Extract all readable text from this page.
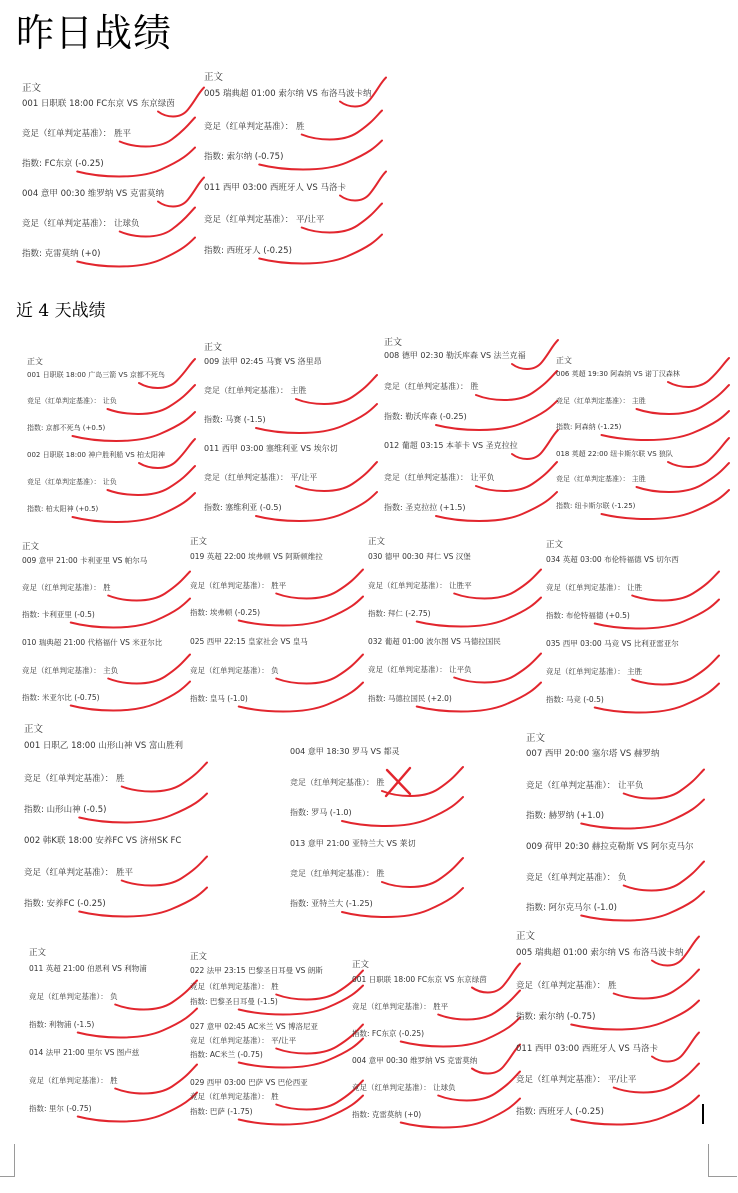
昨日战绩
近 4 天战绩
正文
001 日职联 18:00 FC东京 VS 东京绿茵
竞足（红单判定基准）： 胜平
指数: FC东京 (-0.25)
004 意甲 00:30 维罗纳 VS 克雷莫纳
竞足（红单判定基准）： 让球负
指数: 克雷莫纳 (+0)
正文
005 瑞典超 01:00 索尔纳 VS 布洛马波卡纳
竞足（红单判定基准）： 胜
指数: 索尔纳 (-0.75)
011 西甲 03:00 西班牙人 VS 马洛卡
竞足（红单判定基准）： 平/让平
指数: 西班牙人 (-0.25)
正文
001 日职联 18:00 广岛三箭 VS 京都不死鸟
竞足（红单判定基准）： 让负
指数: 京都不死鸟 (+0.5)
002 日职联 18:00 神户胜利船 VS 柏太阳神
竞足（红单判定基准）： 让负
指数: 柏太阳神 (+0.5)
正文
009 法甲 02:45 马赛 VS 洛里昂
竞足（红单判定基准）： 主胜
指数: 马赛 (-1.5)
011 西甲 03:00 塞维利亚 VS 埃尔切
竞足（红单判定基准）： 平/让平
指数: 塞维利亚 (-0.5)
正文
008 德甲 02:30 勒沃库森 VS 法兰克福
竞足（红单判定基准）： 胜
指数: 勒沃库森 (-0.25)
012 葡超 03:15 本菲卡 VS 圣克拉拉
竞足（红单判定基准）： 让平负
指数: 圣克拉拉 (+1.5)
正文
006 英超 19:30 阿森纳 VS 诺丁汉森林
竞足（红单判定基准）： 主胜
指数: 阿森纳 (-1.25)
018 英超 22:00 纽卡斯尔联 VS 狼队
竞足（红单判定基准）： 主胜
指数: 纽卡斯尔联 (-1.25)
正文
009 意甲 21:00 卡利亚里 VS 帕尔马
竞足（红单判定基准）： 胜
指数: 卡利亚里 (-0.5)
010 瑞典超 21:00 代格福什 VS 米亚尔比
竞足（红单判定基准）： 主负
指数: 米亚尔比 (-0.75)
正文
019 英超 22:00 埃弗顿 VS 阿斯顿维拉
竞足（红单判定基准）： 胜平
指数: 埃弗顿 (-0.25)
025 西甲 22:15 皇家社会 VS 皇马
竞足（红单判定基准）： 负
指数: 皇马 (-1.0)
正文
030 德甲 00:30 拜仁 VS 汉堡
竞足（红单判定基准）： 让胜平
指数: 拜仁 (-2.75)
032 葡超 01:00 波尔图 VS 马德拉国民
竞足（红单判定基准）： 让平负
指数: 马德拉国民 (+2.0)
正文
034 英超 03:00 布伦特福德 VS 切尔西
竞足（红单判定基准）： 让胜
指数: 布伦特福德 (+0.5)
035 西甲 03:00 马竞 VS 比利亚雷亚尔
竞足（红单判定基准）： 主胜
指数: 马竞 (-0.5)
正文
001 日职乙 18:00 山形山神 VS 富山胜利
竞足（红单判定基准）： 胜
指数: 山形山神 (-0.5)
002 韩K联 18:00 安养FC VS 济州SK FC
竞足（红单判定基准）： 胜平
指数: 安养FC (-0.25)
004 意甲 18:30 罗马 VS 都灵
竞足（红单判定基准）： 胜
指数: 罗马 (-1.0)
013 意甲 21:00 亚特兰大 VS 莱切
竞足（红单判定基准）： 胜
指数: 亚特兰大 (-1.25)
正文
007 西甲 20:00 塞尔塔 VS 赫罗纳
竞足（红单判定基准）： 让平负
指数: 赫罗纳 (+1.0)
009 荷甲 20:30 赫拉克勒斯 VS 阿尔克马尔
竞足（红单判定基准）： 负
指数: 阿尔克马尔 (-1.0)
正文
011 英超 21:00 伯恩利 VS 利物浦
竞足（红单判定基准）： 负
指数: 利物浦 (-1.5)
014 法甲 21:00 里尔 VS 图卢兹
竞足（红单判定基准）： 胜
指数: 里尔 (-0.75)
正文
022 法甲 23:15 巴黎圣日耳曼 VS 朗斯
竞足（红单判定基准）： 胜
指数: 巴黎圣日耳曼 (-1.5)
027 意甲 02:45 AC米兰 VS 博洛尼亚
竞足（红单判定基准）： 平/让平
指数: AC米兰 (-0.75)
029 西甲 03:00 巴萨 VS 巴伦西亚
竞足（红单判定基准）： 胜
指数: 巴萨 (-1.75)
正文
001 日职联 18:00 FC东京 VS 东京绿茵
竞足（红单判定基准）： 胜平
指数: FC东京 (-0.25)
004 意甲 00:30 维罗纳 VS 克雷莫纳
竞足（红单判定基准）： 让球负
指数: 克雷莫纳 (+0)
正文
005 瑞典超 01:00 索尔纳 VS 布洛马波卡纳
竞足（红单判定基准）： 胜
指数: 索尔纳 (-0.75)
011 西甲 03:00 西班牙人 VS 马洛卡
竞足（红单判定基准）： 平/让平
指数: 西班牙人 (-0.25)
